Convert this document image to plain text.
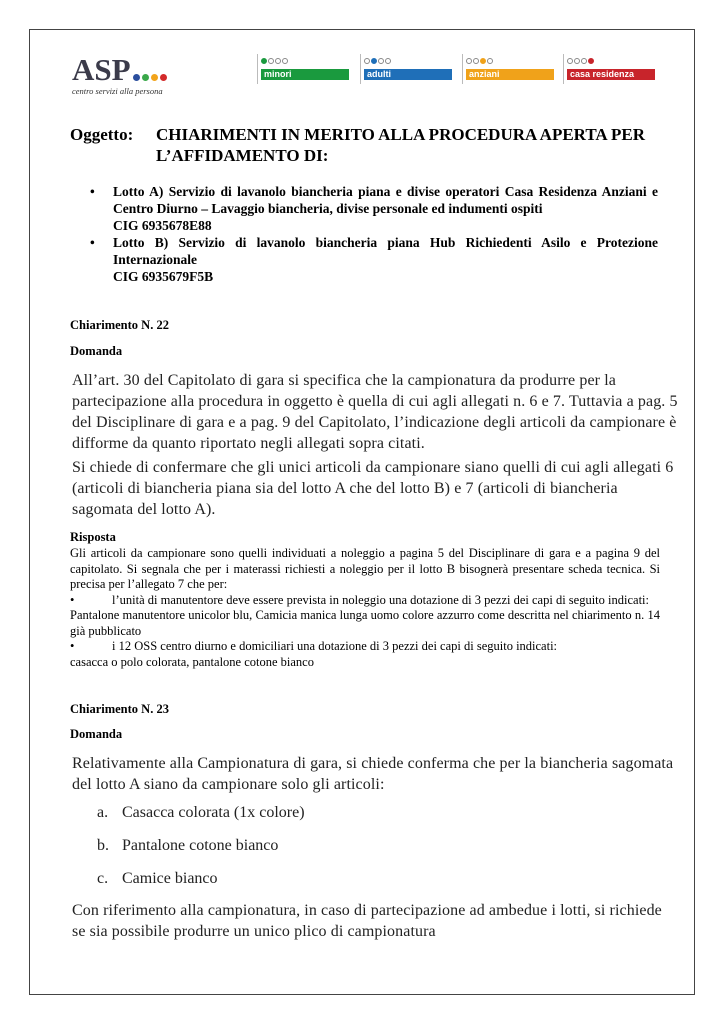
ASP
centro servizi alla persona
minori	adulti	anziani	casa residenza
Oggetto: CHIARIMENTI IN MERITO ALLA PROCEDURA APERTA PER L’AFFIDAMENTO DI:
• Lotto A) Servizio di lavanolo biancheria piana e divise operatori Casa Residenza Anziani e Centro Diurno – Lavaggio biancheria, divise personale ed indumenti ospiti
CIG 6935678E88
• Lotto B) Servizio di lavanolo biancheria piana Hub Richiedenti Asilo e Protezione Internazionale
CIG 6935679F5B
Chiarimento N. 22
Domanda

All’art. 30 del Capitolato di gara si specifica che la campionatura da produrre per la

partecipazione alla procedura in oggetto è quella di cui agli allegati n. 6 e 7. Tuttavia a pag. 5

del Disciplinare di gara e a pag. 9 del Capitolato, l’indicazione degli articoli da campionare è

difforme da quanto riportato negli allegati sopra citati.

Si chiede di confermare che gli unici articoli da campionare siano quelli di cui agli allegati 6

(articoli di biancheria piana sia del lotto A che del lotto B) e 7 (articoli di biancheria

sagomata del lotto A).

Risposta

Gli articoli da campionare sono quelli individuati a noleggio a pagina 5 del Disciplinare di gara e a pagina 9 del capitolato. Si segnala che per i materassi richiesti a noleggio per il lotto B bisognerà presentare scheda tecnica. Si precisa per l’allegato 7 che per:

•	l’unità di manutentore deve essere prevista in noleggio una dotazione di 3 pezzi dei capi di seguito indicati:

Pantalone manutentore unicolor blu, Camicia manica lunga uomo colore azzurro come descritta nel chiarimento n. 14 già pubblicato

•	i 12 OSS centro diurno e domiciliari una dotazione di 3 pezzi dei capi di seguito indicati:

casacca o polo colorata, pantalone cotone bianco

Chiarimento N. 23
Domanda

Relativamente alla Campionatura di gara, si chiede conferma che per la biancheria sagomata

del lotto A siano da campionare solo gli articoli:

a. Casacca colorata (1x colore)
b. Pantalone cotone bianco
c. Camice bianco

Con riferimento alla campionatura, in caso di partecipazione ad ambedue i lotti, si richiede

se sia possibile produrre un unico plico di campionatura
